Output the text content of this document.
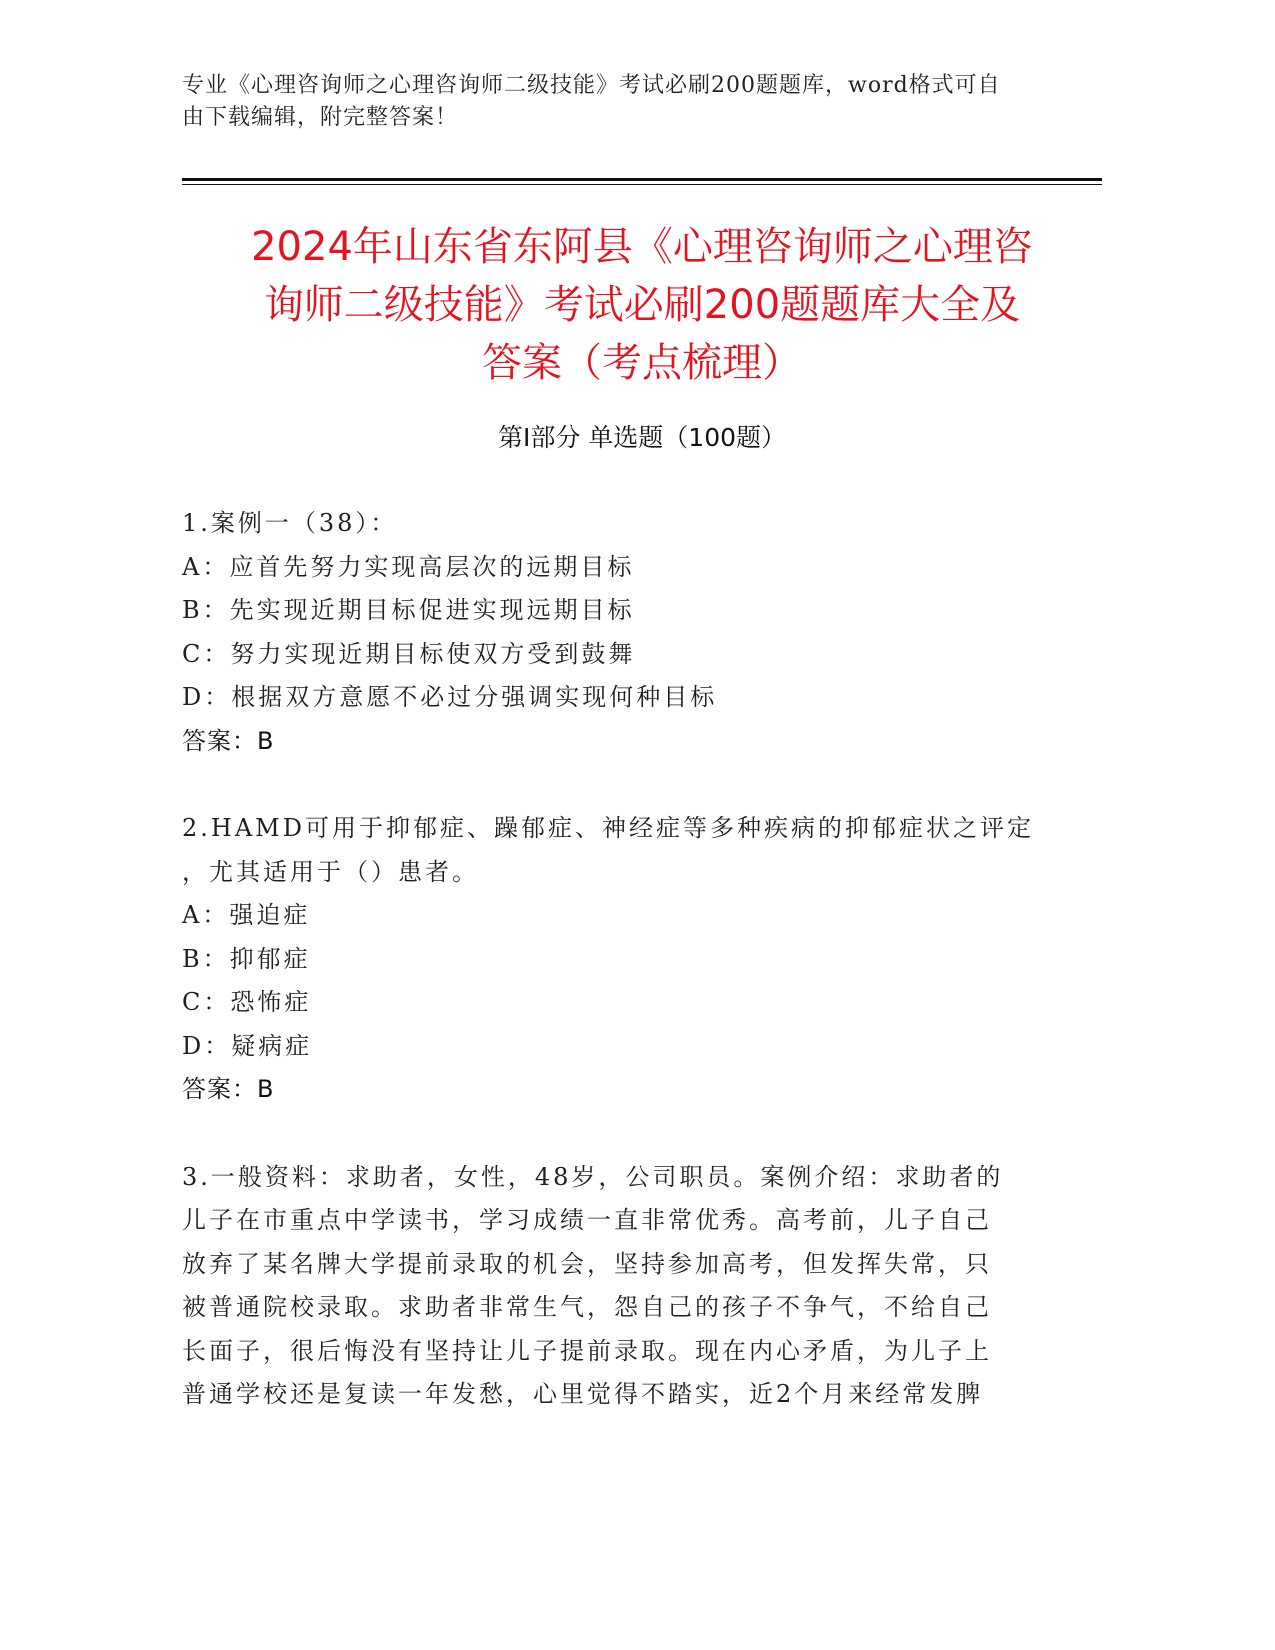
专业《心理咨询师之心理咨询师二级技能》考试必刷200题题库，word格式可自
由下载编辑，附完整答案！
2024年山东省东阿县《心理咨询师之心理咨
询师二级技能》考试必刷200题题库大全及
答案（考点梳理）
第Ⅰ部分 单选题（100题）
1.案例一（38）：
A：应首先努力实现高层次的远期目标
B：先实现近期目标促进实现远期目标
C：努力实现近期目标使双方受到鼓舞
D：根据双方意愿不必过分强调实现何种目标
答案：B
2.HAMD可用于抑郁症、躁郁症、神经症等多种疾病的抑郁症状之评定
，尤其适用于（）患者。
A：强迫症
B：抑郁症
C：恐怖症
D：疑病症
答案：B
3.一般资料：求助者，女性，48岁，公司职员。案例介绍：求助者的
儿子在市重点中学读书，学习成绩一直非常优秀。高考前，儿子自己
放弃了某名牌大学提前录取的机会，坚持参加高考，但发挥失常，只
被普通院校录取。求助者非常生气，怨自己的孩子不争气，不给自己
长面子，很后悔没有坚持让儿子提前录取。现在内心矛盾，为儿子上
普通学校还是复读一年发愁，心里觉得不踏实，近2个月来经常发脾
